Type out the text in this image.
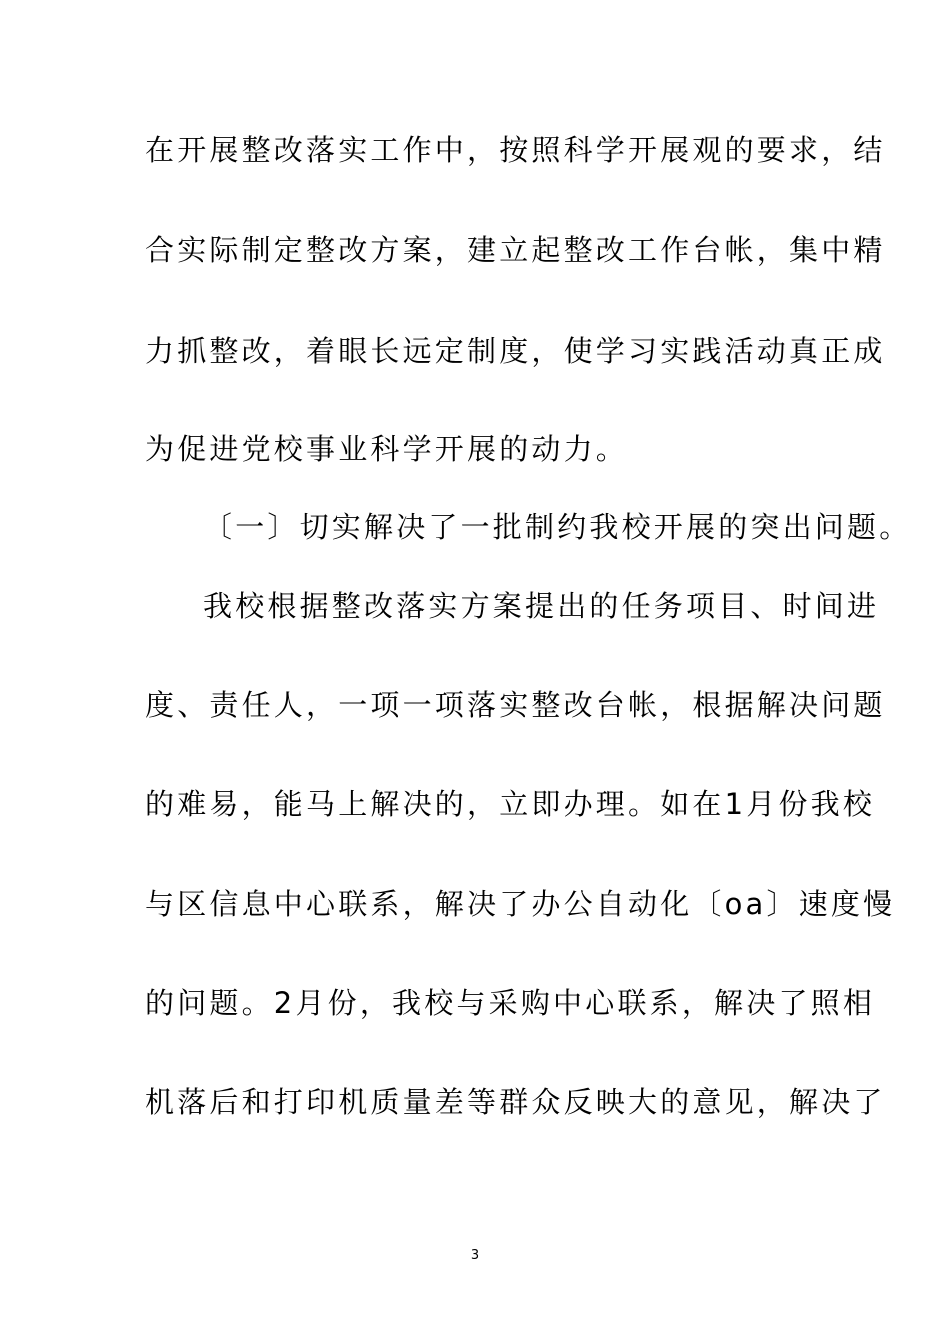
在开展整改落实工作中，按照科学开展观的要求，结

合实际制定整改方案，建立起整改工作台帐，集中精

力抓整改，着眼长远定制度，使学习实践活动真正成

为促进党校事业科学开展的动力。

〔一〕切实解决了一批制约我校开展的突出问题。

我校根据整改落实方案提出的任务项目、时间进

度、责任人，一项一项落实整改台帐，根据解决问题

的难易，能马上解决的，立即办理。如在1月份我校

与区信息中心联系，解决了办公自动化〔oa〕速度慢

的问题。2月份，我校与采购中心联系，解决了照相

机落后和打印机质量差等群众反映大的意见，解决了

3
